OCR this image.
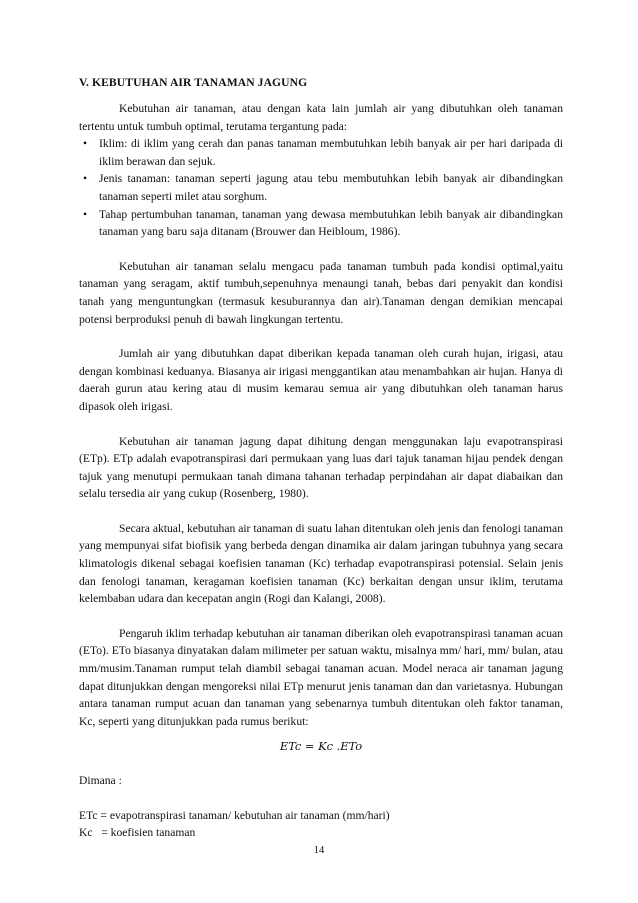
V. KEBUTUHAN AIR TANAMAN JAGUNG

Kebutuhan air tanaman, atau dengan kata lain jumlah air yang dibutuhkan oleh tanaman tertentu untuk tumbuh optimal, terutama tergantung pada:

•	Iklim: di iklim yang cerah dan panas tanaman membutuhkan lebih banyak air per hari daripada di iklim berawan dan sejuk.
•	Jenis tanaman: tanaman seperti jagung atau tebu membutuhkan lebih banyak air dibandingkan tanaman seperti milet atau sorghum.
•	Tahap pertumbuhan tanaman, tanaman yang dewasa membutuhkan lebih banyak air dibandingkan tanaman yang baru saja ditanam (Brouwer dan Heibloum, 1986).

Kebutuhan air tanaman selalu mengacu pada tanaman tumbuh pada kondisi optimal,yaitu tanaman yang seragam, aktif tumbuh,sepenuhnya menaungi tanah, bebas dari penyakit dan kondisi tanah yang menguntungkan (termasuk kesuburannya dan air).Tanaman dengan demikian mencapai potensi berproduksi penuh di bawah lingkungan tertentu.

Jumlah air yang dibutuhkan dapat diberikan kepada tanaman oleh curah hujan, irigasi, atau dengan kombinasi keduanya. Biasanya air irigasi menggantikan atau menambahkan air hujan. Hanya di daerah gurun atau kering atau di musim kemarau semua air yang dibutuhkan oleh tanaman harus dipasok oleh irigasi.

Kebutuhan air tanaman jagung dapat dihitung dengan menggunakan laju evapotranspirasi (ETp). ETp adalah evapotranspirasi dari permukaan yang luas dari tajuk tanaman hijau pendek dengan tajuk yang menutupi permukaan tanah dimana tahanan terhadap perpindahan air dapat diabaikan dan selalu tersedia air yang cukup (Rosenberg, 1980).

Secara aktual, kebutuhan air tanaman di suatu lahan ditentukan oleh jenis dan fenologi tanaman yang mempunyai sifat biofisik yang berbeda dengan dinamika air dalam jaringan tubuhnya yang secara klimatologis dikenal sebagai koefisien tanaman (Kc) terhadap evapotranspirasi potensial. Selain jenis dan fenologi tanaman, keragaman koefisien tanaman (Kc) berkaitan dengan unsur iklim, terutama kelembaban udara dan kecepatan angin (Rogi dan Kalangi, 2008).

Pengaruh iklim terhadap kebutuhan air tanaman diberikan oleh evapotranspirasi tanaman acuan (ETo). ETo biasanya dinyatakan dalam milimeter per satuan waktu, misalnya mm/ hari, mm/ bulan, atau mm/musim.Tanaman rumput telah diambil sebagai tanaman acuan. Model neraca air tanaman jagung dapat ditunjukkan dengan mengoreksi nilai ETp menurut jenis tanaman dan dan varietasnya. Hubungan antara tanaman rumput acuan dan tanaman yang sebenarnya tumbuh ditentukan oleh faktor tanaman, Kc, seperti yang ditunjukkan pada rumus berikut:

ETc = Kc .ETo

Dimana :

ETc = evapotranspirasi tanaman/ kebutuhan air tanaman (mm/hari)

Kc   = koefisien tanaman

14
